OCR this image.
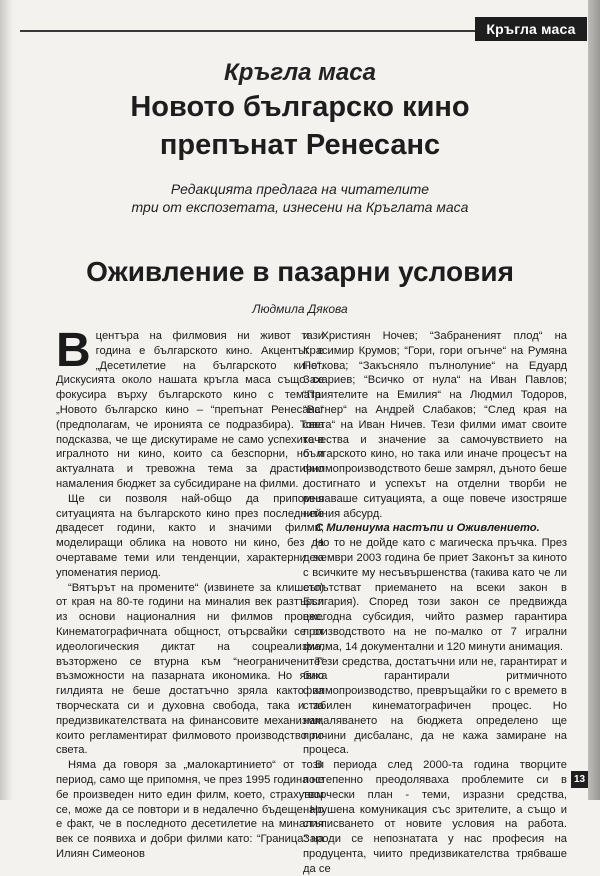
Кръгла маса
Кръгла маса
Новото българско кино
препънат Ренесанс
Редакцията предлага на читателите
три от експозетата, изнесени на Кръглата маса
Оживление в пазарни условия
Людмила Дякова

Вцентъра на филмовия ни живот тази година е българското кино. Акцентът е „Десетилетие на българското кино“. Дискусията около нашата кръгла маса също се фокусира върху българското кино с темата: „Новото българско кино – “препънат Ренесанс“ (предполагам, че иронията се подразбира). Това подсказва, че ще дискутираме не само успехите в игралното ни кино, които са безспорни, но и актуалната и тревожна тема за драстично намаления бюджет за субсидиране на филми.

Ще си позволя най-общо да припомня ситуацията на българското кино през последните двадесет години, както и значими филми, моделиращи облика на новото ни кино, без да очертаваме теми или тенденции, характерни за упоменатия период.

“Вятърът на промените“ (извинете за клишето) от края на 80-те години на миналия век разтърси из основи националния ни филмов процес. Кинематографичната общност, отърсвайки се от идеологическия диктат на соцреализма, възторжено се втурна към “неограничените“ възможности на пазарната икономика. Но явно гилдията не беше достатъчно зряла както за творческата си и духовна свобода, така и за предизвикателствата на финансовите механизми, които регламентират филмовото производство по света.

Няма да говоря за „малокартинието“ от този период, само ще припомня, че през 1995 година не бе произведен нито един филм, което, страхувам се, може да се повтори и в недалечно бъдеще. Но е факт, че в последното десетилетие на миналия век се появиха и добри филми като: “Граница“ на Илиян Симеонов

и Християн Ночев; “Забраненият плод“ на Красимир Крумов; “Гори, гори огънче“ на Румяна Петкова; “Закъсняло пълнолуние“ на Едуард Захариев; “Всичко от нула“ на Иван Павлов; “Приятелите на Емилия“ на Людмил Тодоров, “Вагнер“ на Андрей Слабаков; “След края на света“ на Иван Ничев. Тези филми имат своите качества и значение за самочувствието на българското кино, но така или иначе процесът на филмопроизводството беше замрял, дъното беше достигнато и успехът на отделни творби не решаваше ситуацията, а още повече изостряше нейния абсурд.

С Милениума настъпи и Оживлението.

Но то не дойде като с магическа пръчка. През декември 2003 година бе приет Законът за киното с всичките му несъвършенства (такива като че ли съпътстват приемането на всеки закон в България). Според този закон се предвижда ежегодна субсидия, чийто размер гарантира производството на не по-малко от 7 игрални филма, 14 документални и 120 минути анимация.

Тези средства, достатъчни или не, гарантират и биха гарантирали ритмичното филмопроизводство, превръщайки го с времето в стабилен кинематографичен процес. Но намаляването на бюджета определено ще причини дисбаланс, да не кажа замиране на процеса.

В периода след 2000-та година творците постепенно преодоляваха проблемите си в творчески план - теми, изразни средства, нарушена комуникация със зрителите, а също и стъписването от новите условия на работа. Зароди се непознатата у нас професия на продуцента, чиито предизвикателства трябваше да се

13
